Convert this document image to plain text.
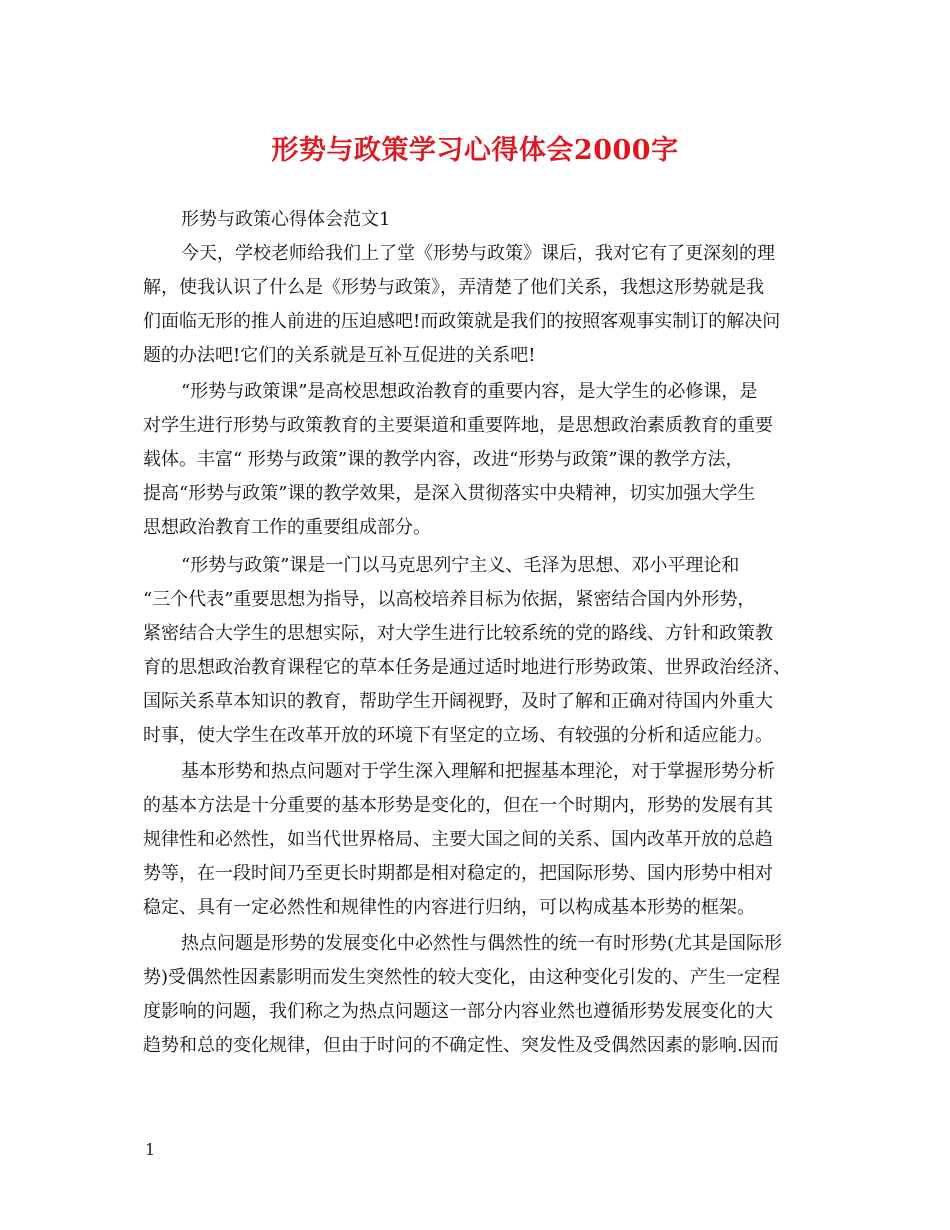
形势与政策学习心得体会2000字
形势与政策心得体会范文1
今天，学校老师给我们上了堂《形势与政策》课后，我对它有了更深刻的理
解，使我认识了什么是《形势与政策》，弄清楚了他们关系，我想这形势就是我
们面临无形的推人前进的压迫感吧!而政策就是我们的按照客观事实制订的解决问
题的办法吧!它们的关系就是互补互促进的关系吧!
“形势与政策课”是高校思想政治教育的重要内容，是大学生的必修课，是
对学生进行形势与政策教育的主要渠道和重要阵地，是思想政治素质教育的重要
载体。丰富“ 形势与政策”课的教学内容，改进“形势与政策”课的教学方法，
提高“形势与政策”课的教学效果，是深入贯彻落实中央精神，切实加强大学生
思想政治教育工作的重要组成部分。
“形势与政策”课是一门以马克思列宁主义、毛泽为思想、邓小平理论和
“三个代表”重要思想为指导，以高校培养目标为依据，紧密结合国内外形势，
紧密结合大学生的思想实际，对大学生进行比较系统的党的路线、方针和政策教
育的思想政治教育课程它的草本任务是通过适时地进行形势政策、世界政治经济、
国际关系草本知识的教育，帮助学生开阔视野，及时了解和正确对待国内外重大
时事，使大学生在改革开放的环境下有坚定的立场、有较强的分析和适应能力。
基本形势和热点问题对于学生深入理解和把握基本理沦，对于掌握形势分析
的基本方法是十分重要的基本形势是变化的，但在一个时期内，形势的发展有其
规律性和必然性，如当代世界格局、主要大国之间的关系、国内改革开放的总趋
势等，在一段时间乃至更长时期都是相对稳定的，把国际形势、国内形势中相对
稳定、具有一定必然性和规律性的内容进行归纳，可以构成基本形势的框架。
热点问题是形势的发展变化中必然性与偶然性的统一有时形势(尤其是国际形
势)受偶然性因素影明而发生突然性的较大变化，由这种变化引发的、产生一定程
度影响的问题，我们称之为热点问题这一部分内容业然也遵循形势发展变化的大
趋势和总的变化规律，但由于时问的不确定性、突发性及受偶然因素的影响.因而
1
